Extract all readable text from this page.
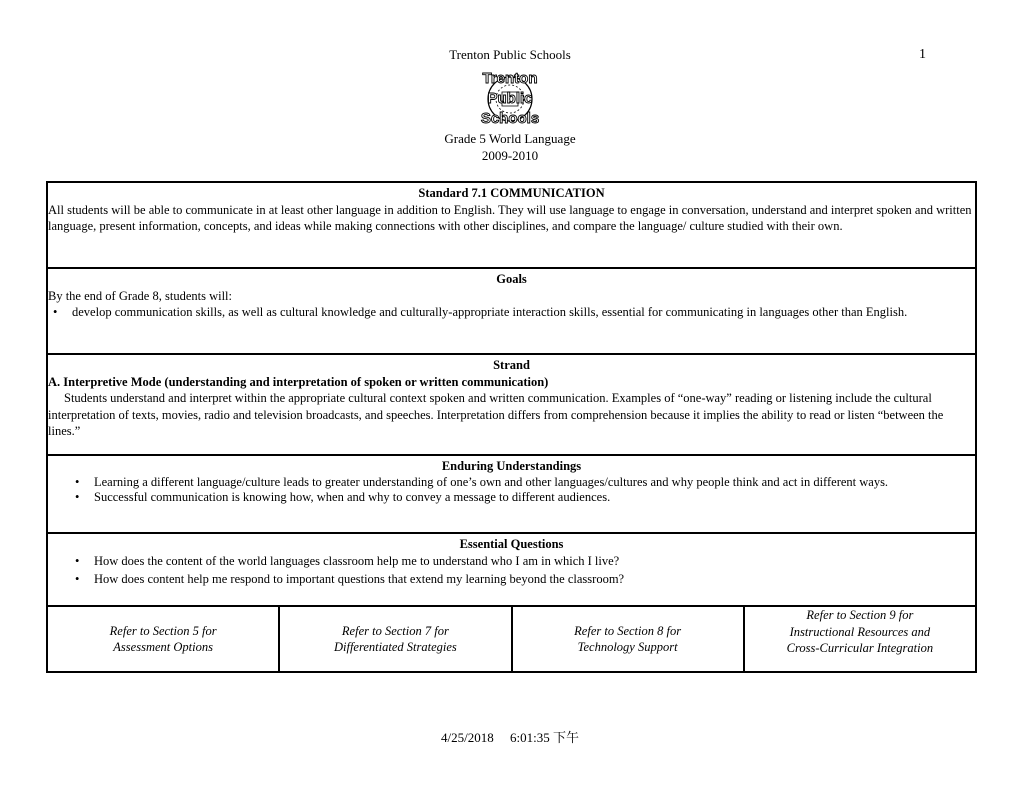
Trenton Public Schools	1
Trenton
Public
Schools
Grade 5 World Language
2009-2010
Standard 7.1 COMMUNICATION
All students will be able to communicate in at least other language in addition to English. They will use language to engage in conversation, understand and interpret spoken and written language, present information, concepts, and ideas while making connections with other disciplines, and compare the language/ culture studied with their own.

Goals
By the end of Grade 8, students will:
• develop communication skills, as well as cultural knowledge and culturally-appropriate interaction skills, essential for communicating in languages other than English.

Strand
A. Interpretive Mode (understanding and interpretation of spoken or written communication)
Students understand and interpret within the appropriate cultural context spoken and written communication. Examples of “one-way” reading or listening include the cultural interpretation of texts, movies, radio and television broadcasts, and speeches. Interpretation differs from comprehension because it implies the ability to read or listen “between the lines.”

Enduring Understandings
• Learning a different language/culture leads to greater understanding of one’s own and other languages/cultures and why people think and act in different ways.
• Successful communication is knowing how, when and why to convey a message to different audiences.

Essential Questions
• How does the content of the world languages classroom help me to understand who I am in which I live?
• How does content help me respond to important questions that extend my learning beyond the classroom?

Refer to Section 5 for
Assessment Options
Refer to Section 7 for
Differentiated Strategies
Refer to Section 8 for
Technology Support
Refer to Section 9 for
Instructional Resources and
Cross-Curricular Integration
4/25/2018 6:01:35 下午
